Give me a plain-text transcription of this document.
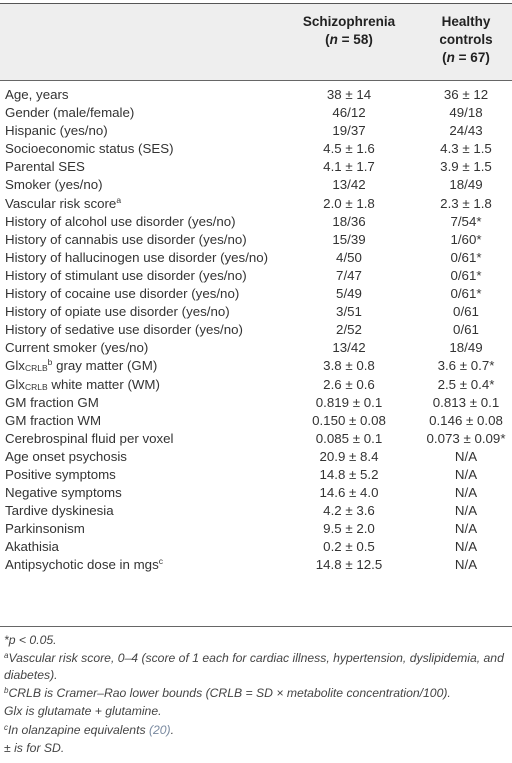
Schizophrenia
(n = 58)
Healthy
controls
(n = 67)
Age, years	38 ± 14	36 ± 12
Gender (male/female)	46/12	49/18
Hispanic (yes/no)	19/37	24/43
Socioeconomic status (SES)	4.5 ± 1.6	4.3 ± 1.5
Parental SES	4.1 ± 1.7	3.9 ± 1.5
Smoker (yes/no)	13/42	18/49
Vascular risk score$^a$	2.0 ± 1.8	2.3 ± 1.8
History of alcohol use disorder (yes/no)	18/36	7/54*
History of cannabis use disorder (yes/no)	15/39	1/60*
History of hallucinogen use disorder (yes/no)	4/50	0/61*
History of stimulant use disorder (yes/no)	7/47	0/61*
History of cocaine use disorder (yes/no)	5/49	0/61*
History of opiate use disorder (yes/no)	3/51	0/61
History of sedative use disorder (yes/no)	2/52	0/61
Current smoker (yes/no)	13/42	18/49
Glx$_{CRLB}^b$ gray matter (GM)	3.8 ± 0.8	3.6 ± 0.7*
Glx$_{CRLB}$ white matter (WM)	2.6 ± 0.6	2.5 ± 0.4*
GM fraction GM	0.819 ± 0.1	0.813 ± 0.1
GM fraction WM	0.150 ± 0.08	0.146 ± 0.08
Cerebrospinal fluid per voxel	0.085 ± 0.1	0.073 ± 0.09*
Age onset psychosis	20.9 ± 8.4	N/A
Positive symptoms	14.8 ± 5.2	N/A
Negative symptoms	14.6 ± 4.0	N/A
Tardive dyskinesia	4.2 ± 3.6	N/A
Parkinsonism	9.5 ± 2.0	N/A
Akathisia	0.2 ± 0.5	N/A
Antipsychotic dose in mgs$^c$	14.8 ± 12.5	N/A
*p < 0.05.
$^a$Vascular risk score, 0–4 (score of 1 each for cardiac illness, hypertension, dyslipidemia, and diabetes).
$^b$CRLB is Cramer–Rao lower bounds (CRLB = SD × metabolite concentration/100).
Glx is glutamate + glutamine.
$^c$In olanzapine equivalents (20).
± is for SD.
